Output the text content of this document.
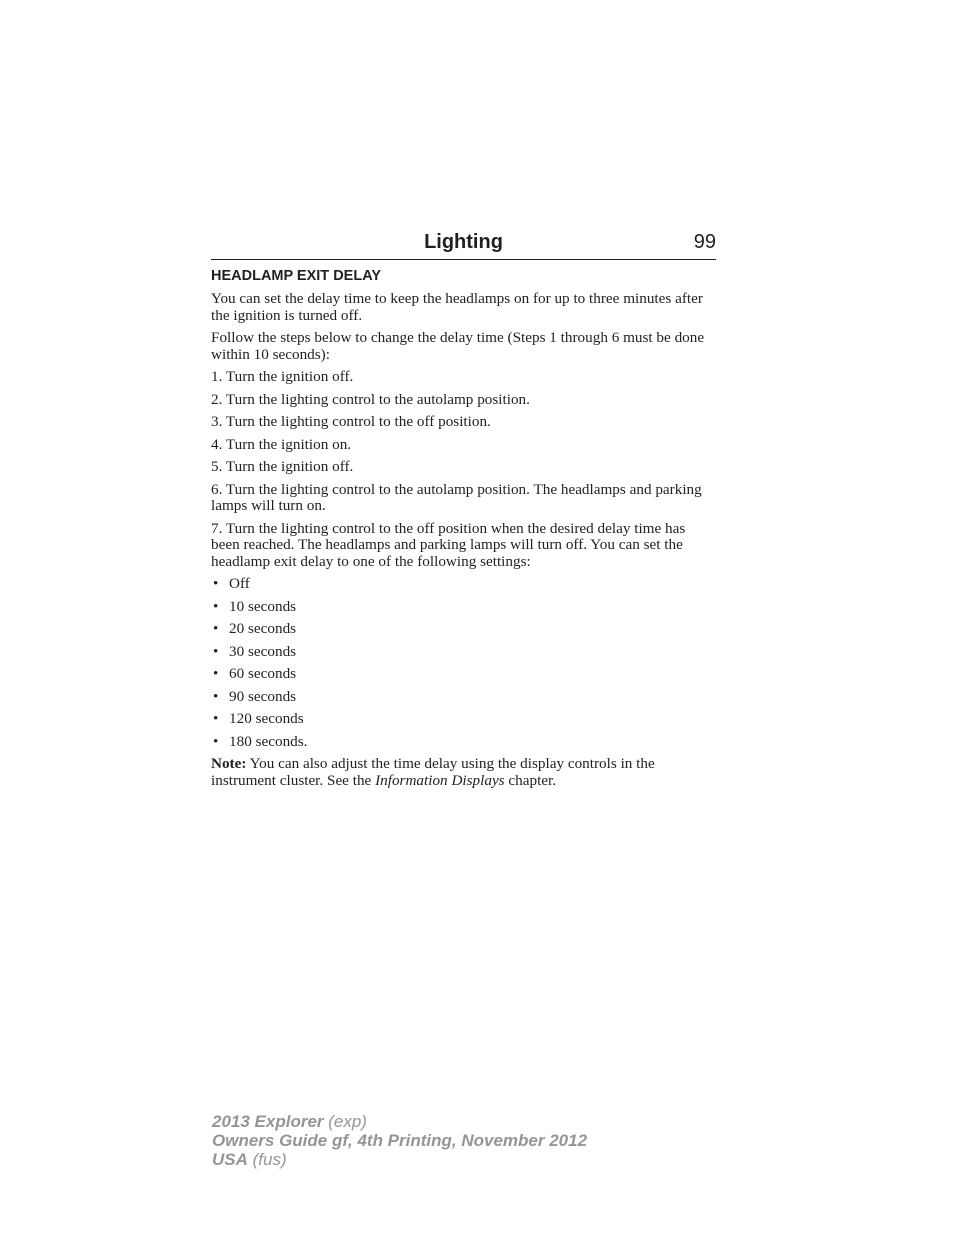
Lighting	99
HEADLAMP EXIT DELAY

You can set the delay time to keep the headlamps on for up to three minutes after the ignition is turned off.

Follow the steps below to change the delay time (Steps 1 through 6 must be done within 10 seconds):

1. Turn the ignition off.

2. Turn the lighting control to the autolamp position.

3. Turn the lighting control to the off position.

4. Turn the ignition on.

5. Turn the ignition off.

6. Turn the lighting control to the autolamp position. The headlamps and parking lamps will turn on.

7. Turn the lighting control to the off position when the desired delay time has been reached. The headlamps and parking lamps will turn off. You can set the headlamp exit delay to one of the following settings:

• Off
• 10 seconds
• 20 seconds
• 30 seconds
• 60 seconds
• 90 seconds
• 120 seconds
• 180 seconds.

Note: You can also adjust the time delay using the display controls in the instrument cluster. See the Information Displays chapter.

2013 Explorer (exp)
Owners Guide gf, 4th Printing, November 2012
USA (fus)
